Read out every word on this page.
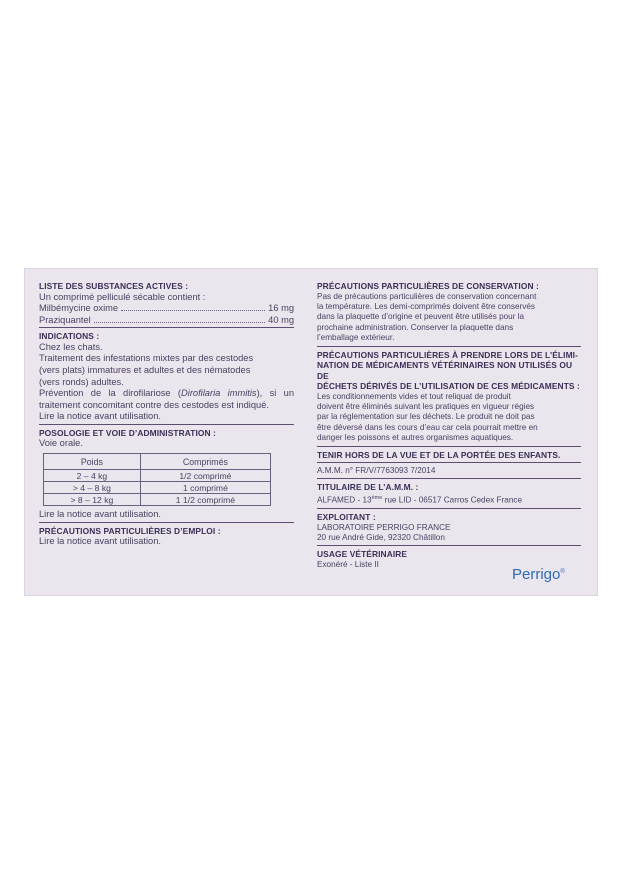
LISTE DES SUBSTANCES ACTIVES :
Un comprimé pelliculé sécable contient :
Milbémycine oxime	16 mg
Praziquantel	40 mg
INDICATIONS :
Chez les chats.
Traitement des infestations mixtes par des cestodes
(vers plats) immatures et adultes et des nématodes
(vers ronds) adultes.
Prévention de la dirofilariose (Dirofilaria immitis), si un traitement concomitant contre des cestodes est indiqué.
Lire la notice avant utilisation.
POSOLOGIE ET VOIE D’ADMINISTRATION :
Voie orale.
Poids	Comprimés
2 – 4 kg	1/2 comprimé
> 4 – 8 kg	1 comprimé
> 8 – 12 kg	1 1/2 comprimé
Lire la notice avant utilisation.
PRÉCAUTIONS PARTICULIÈRES D’EMPLOI :
Lire la notice avant utilisation.
PRÉCAUTIONS PARTICULIÈRES DE CONSERVATION :
Pas de précautions particulières de conservation concernant
la température. Les demi-comprimés doivent être conservés
dans la plaquette d’origine et peuvent être utilisés pour la
prochaine administration. Conserver la plaquette dans
l’emballage extérieur.
PRÉCAUTIONS PARTICULIÈRES À PRENDRE LORS DE L’ÉLIMI-
NATION DE MÉDICAMENTS VÉTÉRINAIRES NON UTILISÉS OU DE
DÉCHETS DÉRIVÉS DE L’UTILISATION DE CES MÉDICAMENTS :
Les conditionnements vides et tout reliquat de produit
doivent être éliminés suivant les pratiques en vigueur régies
par la réglementation sur les déchets. Le produit ne doit pas
être déversé dans les cours d’eau car cela pourrait mettre en
danger les poissons et autres organismes aquatiques.
TENIR HORS DE LA VUE ET DE LA PORTÉE DES ENFANTS.
A.M.M. n° FR/V/7763093 7/2014
TITULAIRE DE L’A.M.M. :
ALFAMED - 13ème rue LID - 06517 Carros Cedex France
EXPLOITANT :
LABORATOIRE PERRIGO FRANCE
20 rue André Gide, 92320 Châtillon
USAGE VÉTÉRINAIRE
Exonéré - Liste II
Perrigo®
